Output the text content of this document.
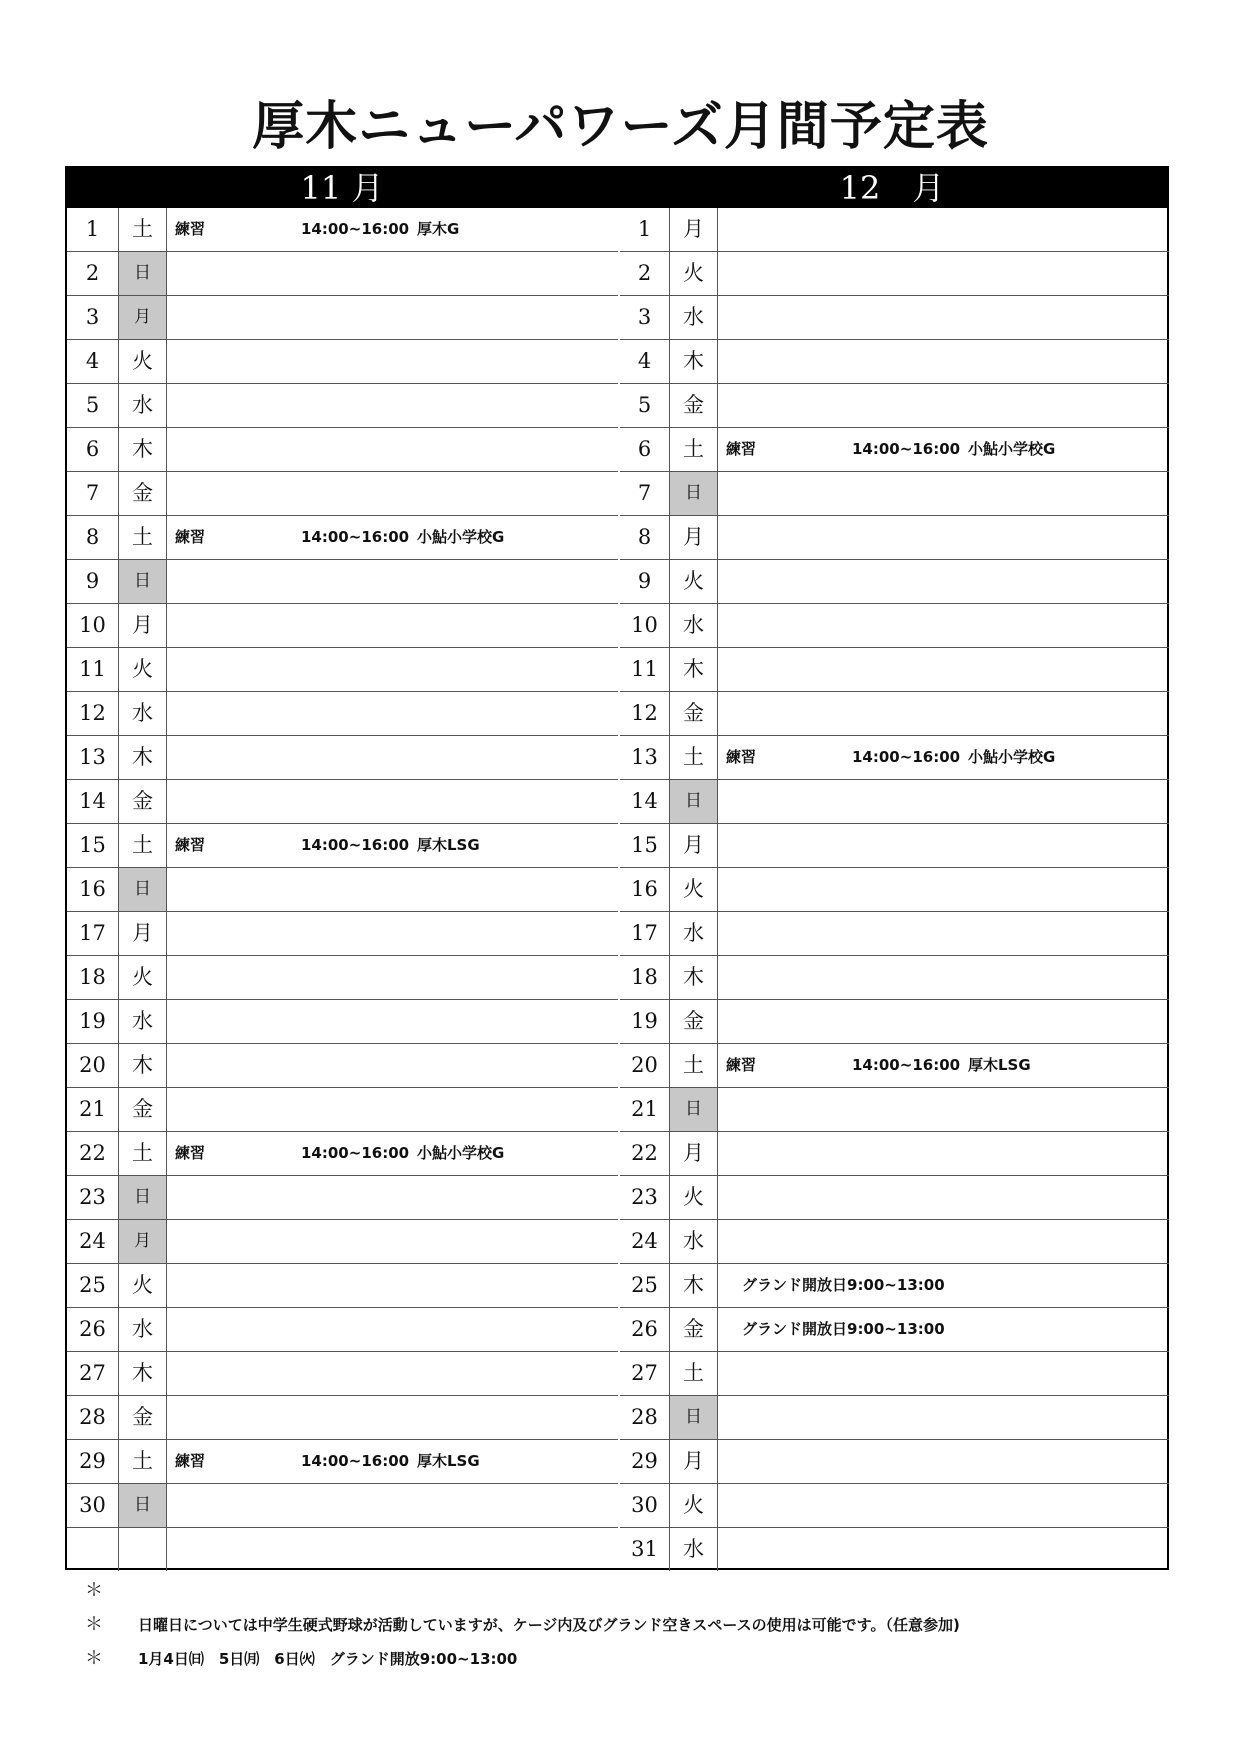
厚木ニューパワーズ月間予定表
11 月	12　月
1	土	練習	14:00~16:00 厚木G
2	日
3	月
4	火
5	水
6	木
7	金
8	土	練習	14:00~16:00 小鮎小学校G
9	日
10	月
11	火
12	水
13	木
14	金
15	土	練習	14:00~16:00 厚木LSG
16	日
17	月
18	火
19	水
20	木
21	金
22	土	練習	14:00~16:00 小鮎小学校G
23	日
24	月
25	火
26	水
27	木
28	金
29	土	練習	14:00~16:00 厚木LSG
30	日
1	月
2	火
3	水
4	木
5	金
6	土	練習	14:00~16:00 小鮎小学校G
7	日
8	月
9	火
10	水
11	木
12	金
13	土	練習	14:00~16:00 小鮎小学校G
14	日
15	月
16	火
17	水
18	木
19	金
20	土	練習	14:00~16:00 厚木LSG
21	日
22	月
23	火
24	水
25	木	グランド開放日9:00~13:00
26	金	グランド開放日9:00~13:00
27	土
28	日
29	月
30	火
31	水
＊
＊ 日曜日については中学生硬式野球が活動していますが、ケージ内及びグランド空きスペースの使用は可能です。（任意参加)
＊ 1月4日㈰　5日㈪　6日㈫　グランド開放9:00~13:00
